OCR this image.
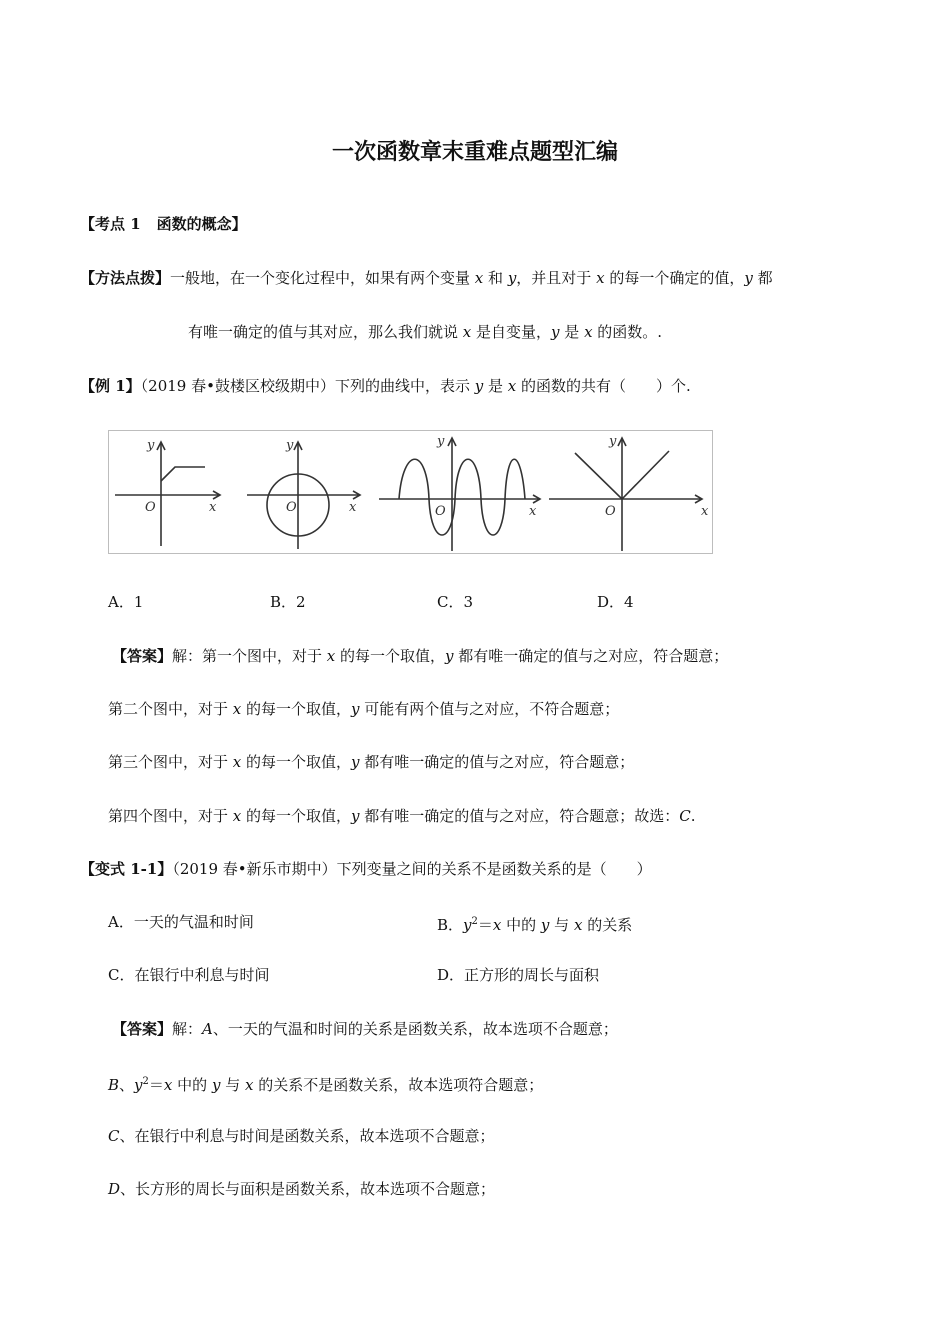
一次函数章末重难点题型汇编
【考点 1 函数的概念】
【方法点拨】一般地，在一个变化过程中，如果有两个变量 x 和 y，并且对于 x 的每一个确定的值，y 都
有唯一确定的值与其对应，那么我们就说 x 是自变量，y 是 x 的函数。.
【例 1】（2019 春•鼓楼区校级期中）下列的曲线中，表示 y 是 x 的函数的共有（　　）个.
y
x
O
y
x
O
y
x
O
y
x
O
A．1	B．2	C．3	D．4
【答案】解：第一个图中，对于 x 的每一个取值，y 都有唯一确定的值与之对应，符合题意；
第二个图中，对于 x 的每一个取值，y 可能有两个值与之对应，不符合题意；
第三个图中，对于 x 的每一个取值，y 都有唯一确定的值与之对应，符合题意；
第四个图中，对于 x 的每一个取值，y 都有唯一确定的值与之对应，符合题意；故选：C.
【变式 1-1】（2019 春•新乐市期中）下列变量之间的关系不是函数关系的是（　　）
A．一天的气温和时间	B．$y^2=x$ 中的 y 与 x 的关系
C．在银行中利息与时间	D．正方形的周长与面积
【答案】解：A、一天的气温和时间的关系是函数关系，故本选项不合题意；
B、$y^2=x$ 中的 y 与 x 的关系不是函数关系，故本选项符合题意；
C、在银行中利息与时间是函数关系，故本选项不合题意；
D、长方形的周长与面积是函数关系，故本选项不合题意；
